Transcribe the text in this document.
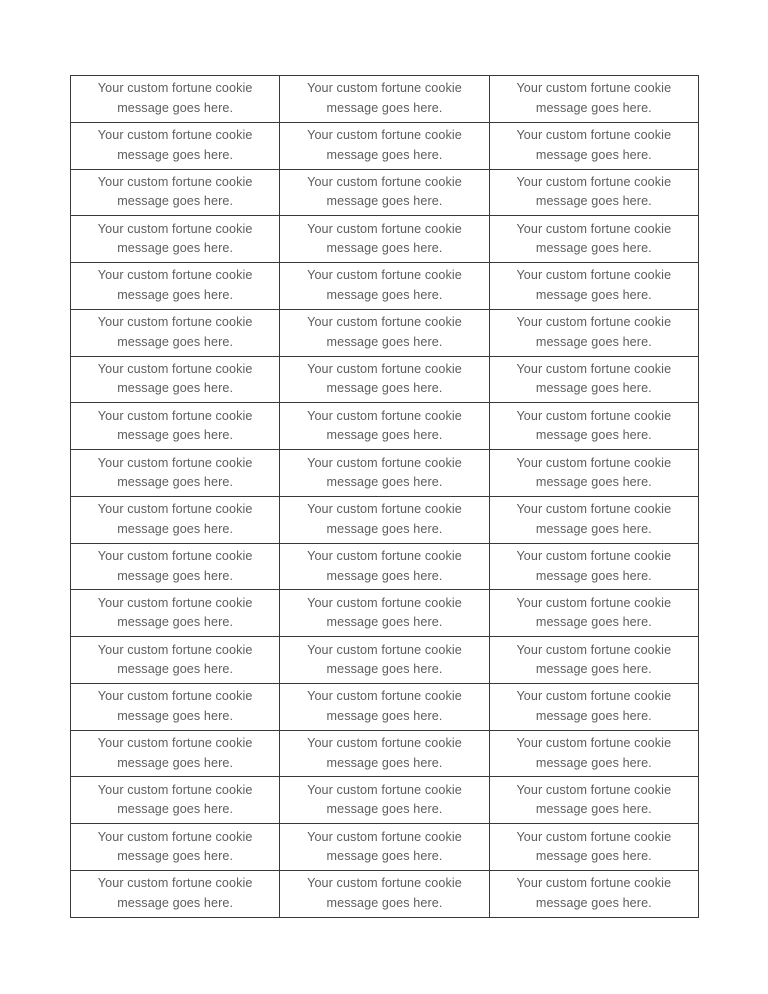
Your custom fortune cookie message goes here.	Your custom fortune cookie message goes here.	Your custom fortune cookie message goes here.

Your custom fortune cookie message goes here.	Your custom fortune cookie message goes here.	Your custom fortune cookie message goes here.

Your custom fortune cookie message goes here.	Your custom fortune cookie message goes here.	Your custom fortune cookie message goes here.

Your custom fortune cookie message goes here.	Your custom fortune cookie message goes here.	Your custom fortune cookie message goes here.

Your custom fortune cookie message goes here.	Your custom fortune cookie message goes here.	Your custom fortune cookie message goes here.

Your custom fortune cookie message goes here.	Your custom fortune cookie message goes here.	Your custom fortune cookie message goes here.

Your custom fortune cookie message goes here.	Your custom fortune cookie message goes here.	Your custom fortune cookie message goes here.

Your custom fortune cookie message goes here.	Your custom fortune cookie message goes here.	Your custom fortune cookie message goes here.

Your custom fortune cookie message goes here.	Your custom fortune cookie message goes here.	Your custom fortune cookie message goes here.

Your custom fortune cookie message goes here.	Your custom fortune cookie message goes here.	Your custom fortune cookie message goes here.

Your custom fortune cookie message goes here.	Your custom fortune cookie message goes here.	Your custom fortune cookie message goes here.

Your custom fortune cookie message goes here.	Your custom fortune cookie message goes here.	Your custom fortune cookie message goes here.

Your custom fortune cookie message goes here.	Your custom fortune cookie message goes here.	Your custom fortune cookie message goes here.

Your custom fortune cookie message goes here.	Your custom fortune cookie message goes here.	Your custom fortune cookie message goes here.

Your custom fortune cookie message goes here.	Your custom fortune cookie message goes here.	Your custom fortune cookie message goes here.

Your custom fortune cookie message goes here.	Your custom fortune cookie message goes here.	Your custom fortune cookie message goes here.

Your custom fortune cookie message goes here.	Your custom fortune cookie message goes here.	Your custom fortune cookie message goes here.

Your custom fortune cookie message goes here.	Your custom fortune cookie message goes here.	Your custom fortune cookie message goes here.
